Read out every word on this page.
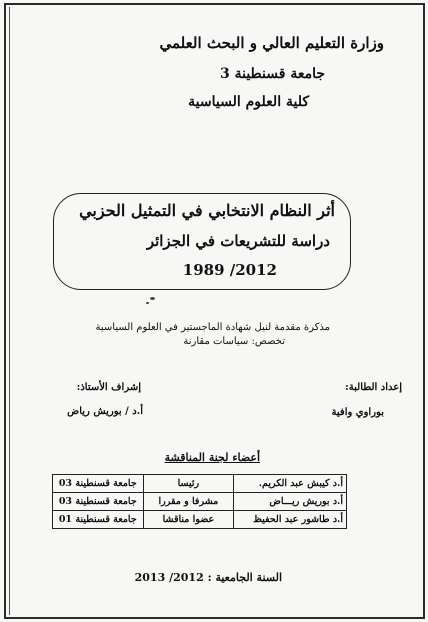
وزارة التعليم العالي و البحث العلمي
جامعة قسنطينة 3
كلية العلوم السياسية
أثر النظام الانتخابي في التمثيل الحزبي
دراسة للتشريعات في الجزائر
1989 /2012
مذكرة مقدمة لنيل شهادة الماجستير في العلوم السياسية
تخصص: سياسات مقارنة
إعداد الطالبة:
بوراوي وافية
إشراف الأستاذ:
أ.د / بوريش رياض
أعضاء لجنة المناقشة
أ.د كيبش عبد الكريم.	رئيسا	جامعة قسنطينة 03
أ.د بوريش ريـــاض	مشرفا و مقررا	جامعة قسنطينة 03
أ.د طاشور عبد الحفيظ	عضوا مناقشا	جامعة قسنطينة 01
السنة الجامعية : 2012/ 2013
